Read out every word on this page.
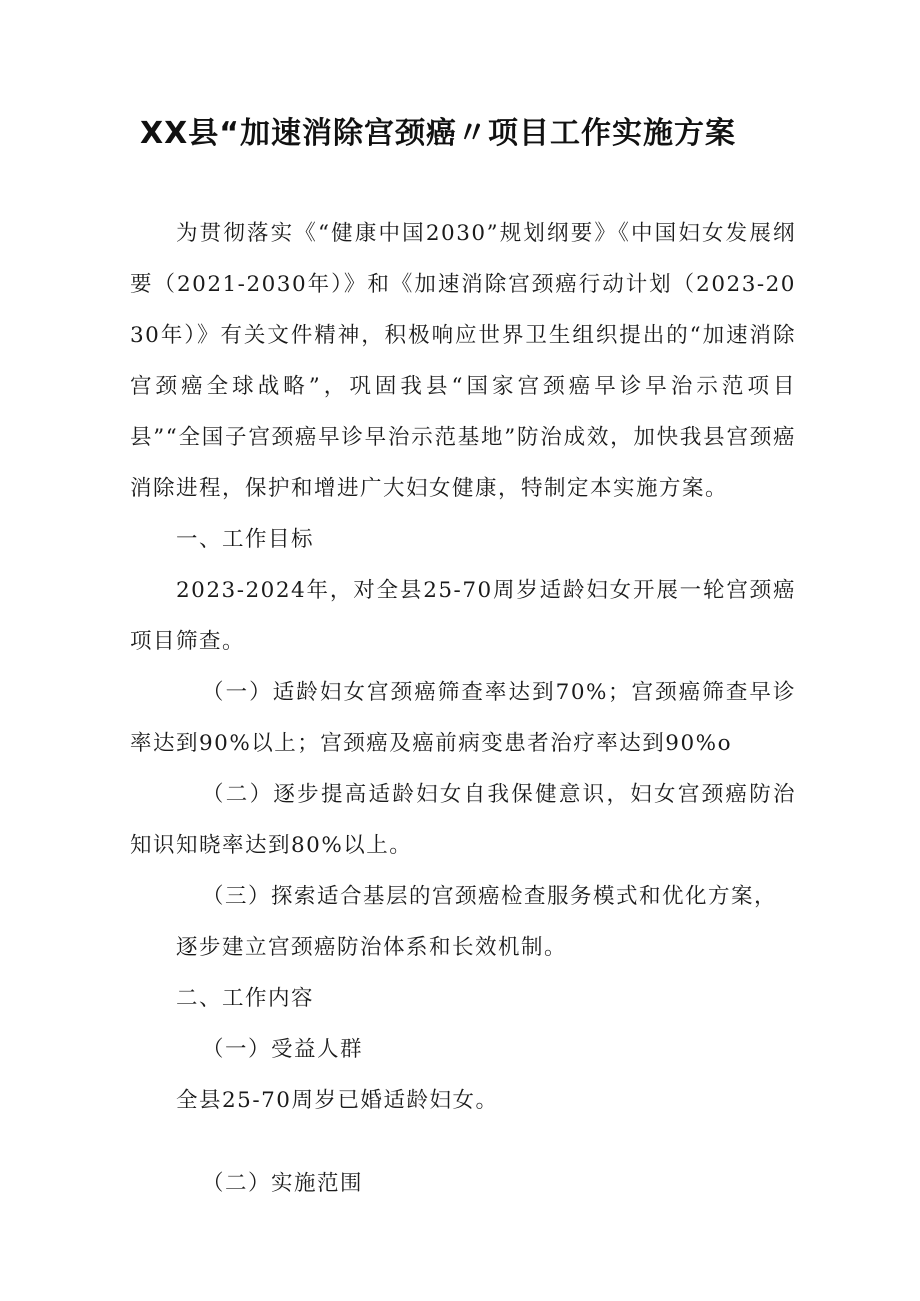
XX县“加速消除宫颈癌〃项目工作实施方案

为贯彻落实《“健康中国2030”规划纲要》《中国妇女发展纲要（2021-2030年）》和《加速消除宫颈癌行动计划（2023-2030年）》有关文件精神，积极响应世界卫生组织提出的“加速消除宫颈癌全球战略”，巩固我县“国家宫颈癌早诊早治示范项目县”“全国子宫颈癌早诊早治示范基地”防治成效，加快我县宫颈癌消除进程，保护和增进广大妇女健康，特制定本实施方案。

一、工作目标

2023-2024年，对全县25-70周岁适龄妇女开展一轮宫颈癌项目筛查。

（一）适龄妇女宫颈癌筛查率达到70%；宫颈癌筛查早诊率达到90%以上；宫颈癌及癌前病变患者治疗率达到90%o

（二）逐步提高适龄妇女自我保健意识，妇女宫颈癌防治知识知晓率达到80%以上。

（三）探索适合基层的宫颈癌检查服务模式和优化方案，

逐步建立宫颈癌防治体系和长效机制。

二、工作内容

（一）受益人群

全县25-70周岁已婚适龄妇女。

（二）实施范围
